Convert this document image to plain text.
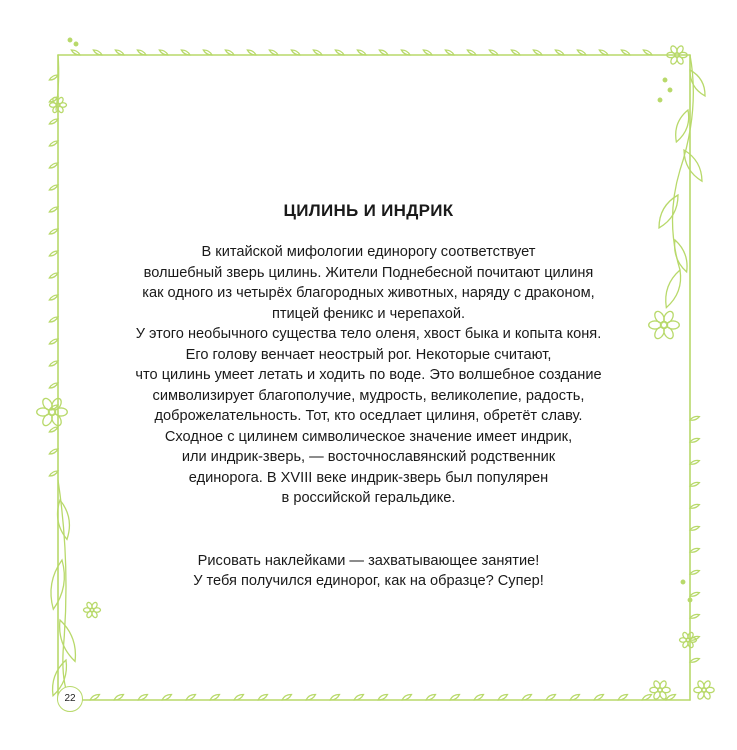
ЦИЛИНЬ И ИНДРИК

В китайской мифологии единорогу соответствует
волшебный зверь цилинь. Жители Поднебесной почитают цилиня
как одного из четырёх благородных животных, наряду с драконом,
птицей феникс и черепахой.
У этого необычного существа тело оленя, хвост быка и копыта коня.
Его голову венчает неострый рог. Некоторые считают,
что цилинь умеет летать и ходить по воде. Это волшебное создание
символизирует благополучие, мудрость, великолепие, радость,
доброжелательность. Тот, кто оседлает цилиня, обретёт славу.
Сходное с цилинем символическое значение имеет индрик,
или индрик-зверь, — восточнославянский родственник
единорога. В XVIII веке индрик-зверь был популярен
в российской геральдике.

Рисовать наклейками — захватывающее занятие!
У тебя получился единорог, как на образце? Супер!

22
